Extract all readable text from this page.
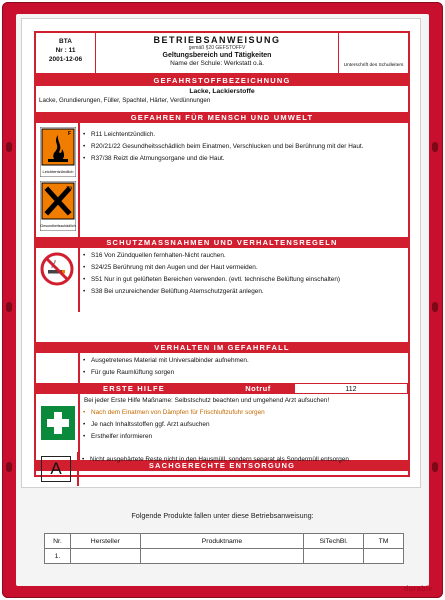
BTA
Nr : 11
2001-12-06
BETRIEBSANWEISUNG
gemäß §20 GEFSTOFFV
Geltungsbereich und Tätigkeiten
Name der Schule: Werkstatt o.ä.	Unterschrift des Schulleiters
GEFAHRSTOFFBEZEICHNUNG
Lacke, Lackierstoffe
Lacke, Grundierungen, Füller, Spachtel, Härter, Verdünnungen
GEFAHREN FÜR MENSCH UND UMWELT
F
Leichtentzündlich
Xn
Gesundheitsschädlich
• R11 Leichtentzündlich.
• R20/21/22 Gesundheitsschädlich beim Einatmen, Verschlucken und bei Berührung mit der Haut.
• R37/38 Reizt die Atmungsorgane und die Haut.
SCHUTZMASSNAHMEN UND VERHALTENSREGELN
• S16 Von Zündquellen fernhalten-Nicht rauchen.
• S24/25 Berührung mit den Augen und der Haut vermeiden.
• S51 Nur in gut gelüfteten Bereichen verwenden. (evtl. technische Belüftung einschalten)
• S38 Bei unzureichender Belüftung Atemschutzgerät anlegen.
VERHALTEN IM GEFAHRFALL
• Ausgetretenes Material mit Universalbinder aufnehmen.
• Für gute Raumlüftung sorgen
ERSTE HILFE	Notruf	112
Bei jeder Erste Hilfe Maßname: Selbstschutz beachten und umgehend Arzt aufsuchen!
• Nach dem Einatmen von Dämpfen für Frischluftzufuhr sorgen
• Je nach Inhaltsstoffen ggf. Arzt aufsuchen
• Ersthelfer informieren
SACHGERECHTE ENTSORGUNG
A	• Nicht ausgehärtete Reste nicht in den Hausmüll, sondern separat als Sondermüll entsorgen
Folgende Produkte fallen unter diese Betriebsanweisung:
Nr.	Hersteller	Produktname	SiTechBl.	TM
1.				
durable
